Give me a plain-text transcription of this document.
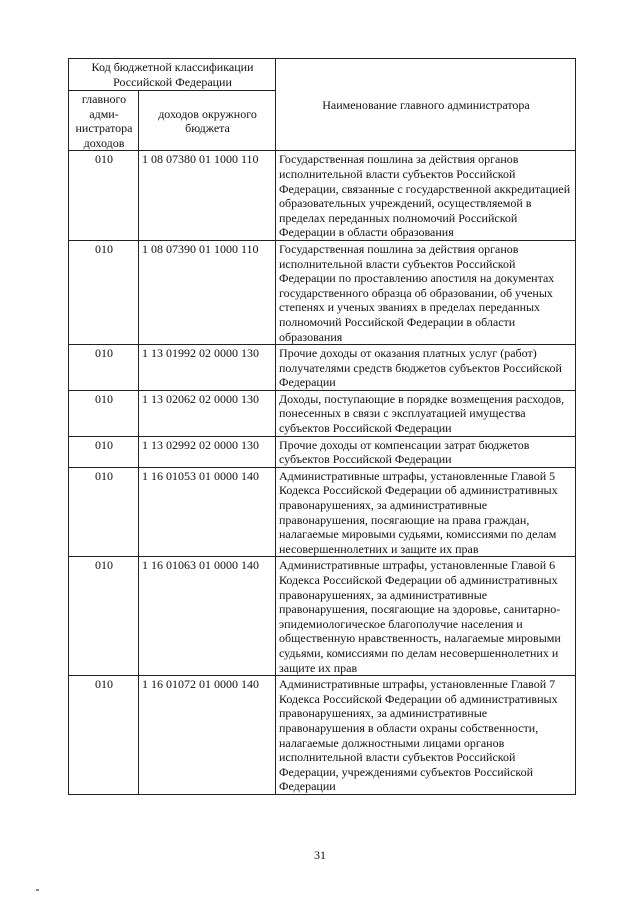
Код бюджетной классификации Российской Федерации		Наименование главного администратора

главного
адми-
нистратора
доходов	доходов окружного бюджета	
010	1 08 07380 01 1000 110	Государственная пошлина за действия органов исполнительной власти субъектов Российской Федерации, связанные с государственной аккредитацией образовательных учреждений, осуществляемой в пределах переданных полномочий Российской Федерации в области образования
010	1 08 07390 01 1000 110	Государственная пошлина за действия органов исполнительной власти субъектов Российской Федерации по проставлению апостиля на документах государственного образца об образовании, об ученых степенях и ученых званиях в пределах переданных полномочий Российской Федерации в области образования
010	1 13 01992 02 0000 130	Прочие доходы от оказания платных услуг (работ) получателями средств бюджетов субъектов Российской Федерации
010	1 13 02062 02 0000 130	Доходы, поступающие в порядке возмещения расходов, понесенных в связи с эксплуатацией имущества субъектов Российской Федерации
010	1 13 02992 02 0000 130	Прочие доходы от компенсации затрат бюджетов субъектов Российской Федерации
010	1 16 01053 01 0000 140	Административные штрафы, установленные Главой 5 Кодекса Российской Федерации об административных правонарушениях, за административные правонарушения, посягающие на права граждан, налагаемые мировыми судьями, комиссиями по делам несовершеннолетних и защите их прав
010	1 16 01063 01 0000 140	Административные штрафы, установленные Главой 6 Кодекса Российской Федерации об административных правонарушениях, за административные правонарушения, посягающие на здоровье, санитарно-эпидемиологическое благополучие населения и общественную нравственность, налагаемые мировыми судьями, комиссиями по делам несовершеннолетних и защите их прав
010	1 16 01072 01 0000 140	Административные штрафы, установленные Главой 7 Кодекса Российской Федерации об административных правонарушениях, за административные правонарушения в области охраны собственности, налагаемые должностными лицами органов исполнительной власти субъектов Российской Федерации, учреждениями субъектов Российской Федерации
31
